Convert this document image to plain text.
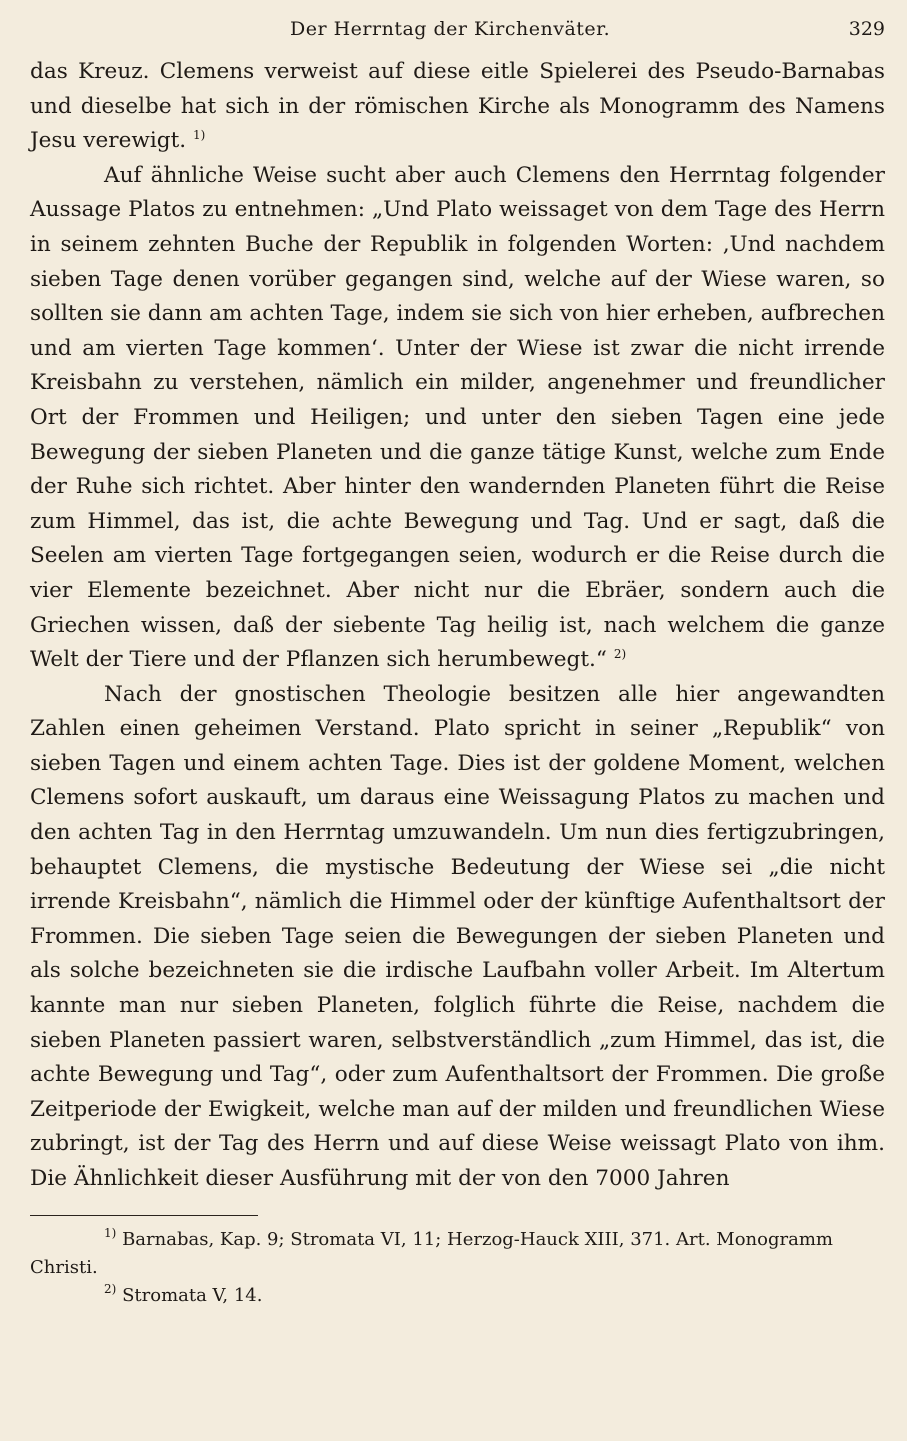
Der Herrntag der Kirchenväter.	329

das Kreuz. Clemens verweist auf diese eitle Spielerei des Pseudo-Barnabas und dieselbe hat sich in der römischen Kirche als Monogramm des Namens Jesu verewigt. $^{1)}$

Auf ähnliche Weise sucht aber auch Clemens den Herrntag folgender Aussage Platos zu entnehmen: „Und Plato weissaget von dem Tage des Herrn in seinem zehnten Buche der Republik in folgenden Worten: ‚Und nachdem sieben Tage denen vorüber gegangen sind, welche auf der Wiese waren, so sollten sie dann am achten Tage, indem sie sich von hier erheben, aufbrechen und am vierten Tage kommen‘. Unter der Wiese ist zwar die nicht irrende Kreisbahn zu verstehen, nämlich ein milder, angenehmer und freundlicher Ort der Frommen und Heiligen; und unter den sieben Tagen eine jede Bewegung der sieben Planeten und die ganze tätige Kunst, welche zum Ende der Ruhe sich richtet. Aber hinter den wandernden Planeten führt die Reise zum Himmel, das ist, die achte Bewegung und Tag. Und er sagt, daß die Seelen am vierten Tage fortgegangen seien, wodurch er die Reise durch die vier Elemente bezeichnet. Aber nicht nur die Ebräer, sondern auch die Griechen wissen, daß der siebente Tag heilig ist, nach welchem die ganze Welt der Tiere und der Pflanzen sich herumbewegt.“ $^{2)}$

Nach der gnostischen Theologie besitzen alle hier angewandten Zahlen einen geheimen Verstand. Plato spricht in seiner „Republik“ von sieben Tagen und einem achten Tage. Dies ist der goldene Moment, welchen Clemens sofort auskauft, um daraus eine Weissagung Platos zu machen und den achten Tag in den Herrntag umzuwandeln. Um nun dies fertigzubringen, behauptet Clemens, die mystische Bedeutung der Wiese sei „die nicht irrende Kreisbahn“, nämlich die Himmel oder der künftige Aufenthaltsort der Frommen. Die sieben Tage seien die Bewegungen der sieben Planeten und als solche bezeichneten sie die irdische Laufbahn voller Arbeit. Im Altertum kannte man nur sieben Planeten, folglich führte die Reise, nachdem die sieben Planeten passiert waren, selbstverständlich „zum Himmel, das ist, die achte Bewegung und Tag“, oder zum Aufenthaltsort der Frommen. Die große Zeitperiode der Ewigkeit, welche man auf der milden und freundlichen Wiese zubringt, ist der Tag des Herrn und auf diese Weise weissagt Plato von ihm. Die Ähnlichkeit dieser Ausführung mit der von den 7000 Jahren

$^{1)}$ Barnabas, Kap. 9; Stromata VI, 11; Herzog-Hauck XIII, 371. Art. Monogramm Christi.

$^{2)}$ Stromata V, 14.
